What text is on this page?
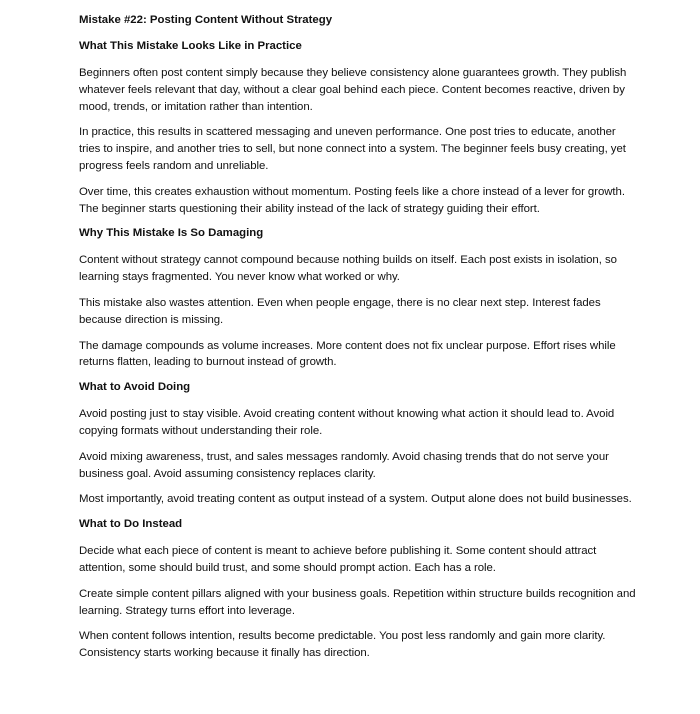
Mistake #22: Posting Content Without Strategy
What This Mistake Looks Like in Practice

Beginners often post content simply because they believe consistency alone guarantees growth. They publish whatever feels relevant that day, without a clear goal behind each piece. Content becomes reactive, driven by mood, trends, or imitation rather than intention.

In practice, this results in scattered messaging and uneven performance. One post tries to educate, another tries to inspire, and another tries to sell, but none connect into a system. The beginner feels busy creating, yet progress feels random and unreliable.

Over time, this creates exhaustion without momentum. Posting feels like a chore instead of a lever for growth. The beginner starts questioning their ability instead of the lack of strategy guiding their effort.

Why This Mistake Is So Damaging

Content without strategy cannot compound because nothing builds on itself. Each post exists in isolation, so learning stays fragmented. You never know what worked or why.

This mistake also wastes attention. Even when people engage, there is no clear next step. Interest fades because direction is missing.

The damage compounds as volume increases. More content does not fix unclear purpose. Effort rises while returns flatten, leading to burnout instead of growth.

What to Avoid Doing

Avoid posting just to stay visible. Avoid creating content without knowing what action it should lead to. Avoid copying formats without understanding their role.

Avoid mixing awareness, trust, and sales messages randomly. Avoid chasing trends that do not serve your business goal. Avoid assuming consistency replaces clarity.

Most importantly, avoid treating content as output instead of a system. Output alone does not build businesses.

What to Do Instead

Decide what each piece of content is meant to achieve before publishing it. Some content should attract attention, some should build trust, and some should prompt action. Each has a role.

Create simple content pillars aligned with your business goals. Repetition within structure builds recognition and learning. Strategy turns effort into leverage.

When content follows intention, results become predictable. You post less randomly and gain more clarity. Consistency starts working because it finally has direction.
